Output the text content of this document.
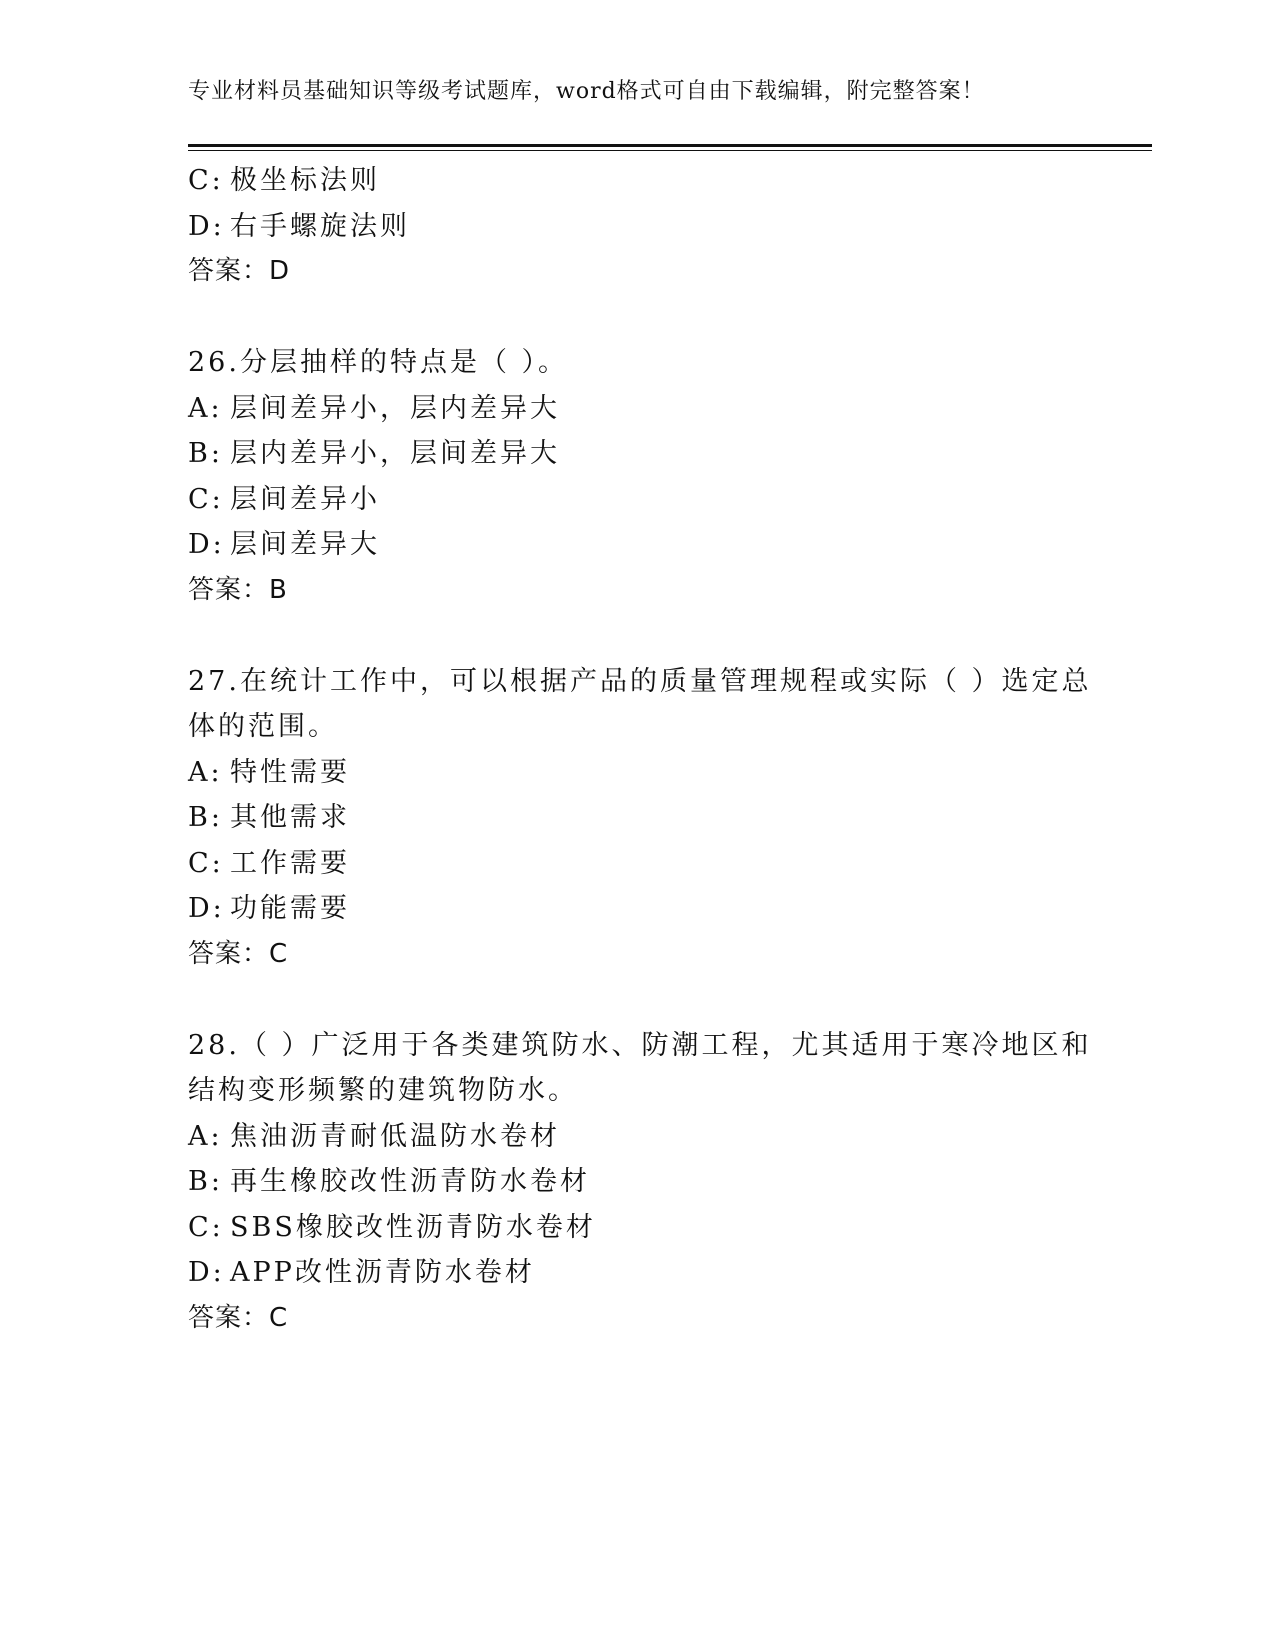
专业材料员基础知识等级考试题库，word格式可自由下载编辑，附完整答案！
C: 极坐标法则
D: 右手螺旋法则
答案：D
26.分层抽样的特点是（ ）。
A: 层间差异小，层内差异大
B: 层内差异小，层间差异大
C: 层间差异小
D: 层间差异大
答案：B
27.在统计工作中，可以根据产品的质量管理规程或实际（ ）选定总
体的范围。
A: 特性需要
B: 其他需求
C: 工作需要
D: 功能需要
答案：C
28.（ ）广泛用于各类建筑防水、防潮工程，尤其适用于寒冷地区和
结构变形频繁的建筑物防水。
A: 焦油沥青耐低温防水卷材
B: 再生橡胶改性沥青防水卷材
C: SBS橡胶改性沥青防水卷材
D: APP改性沥青防水卷材
答案：C
